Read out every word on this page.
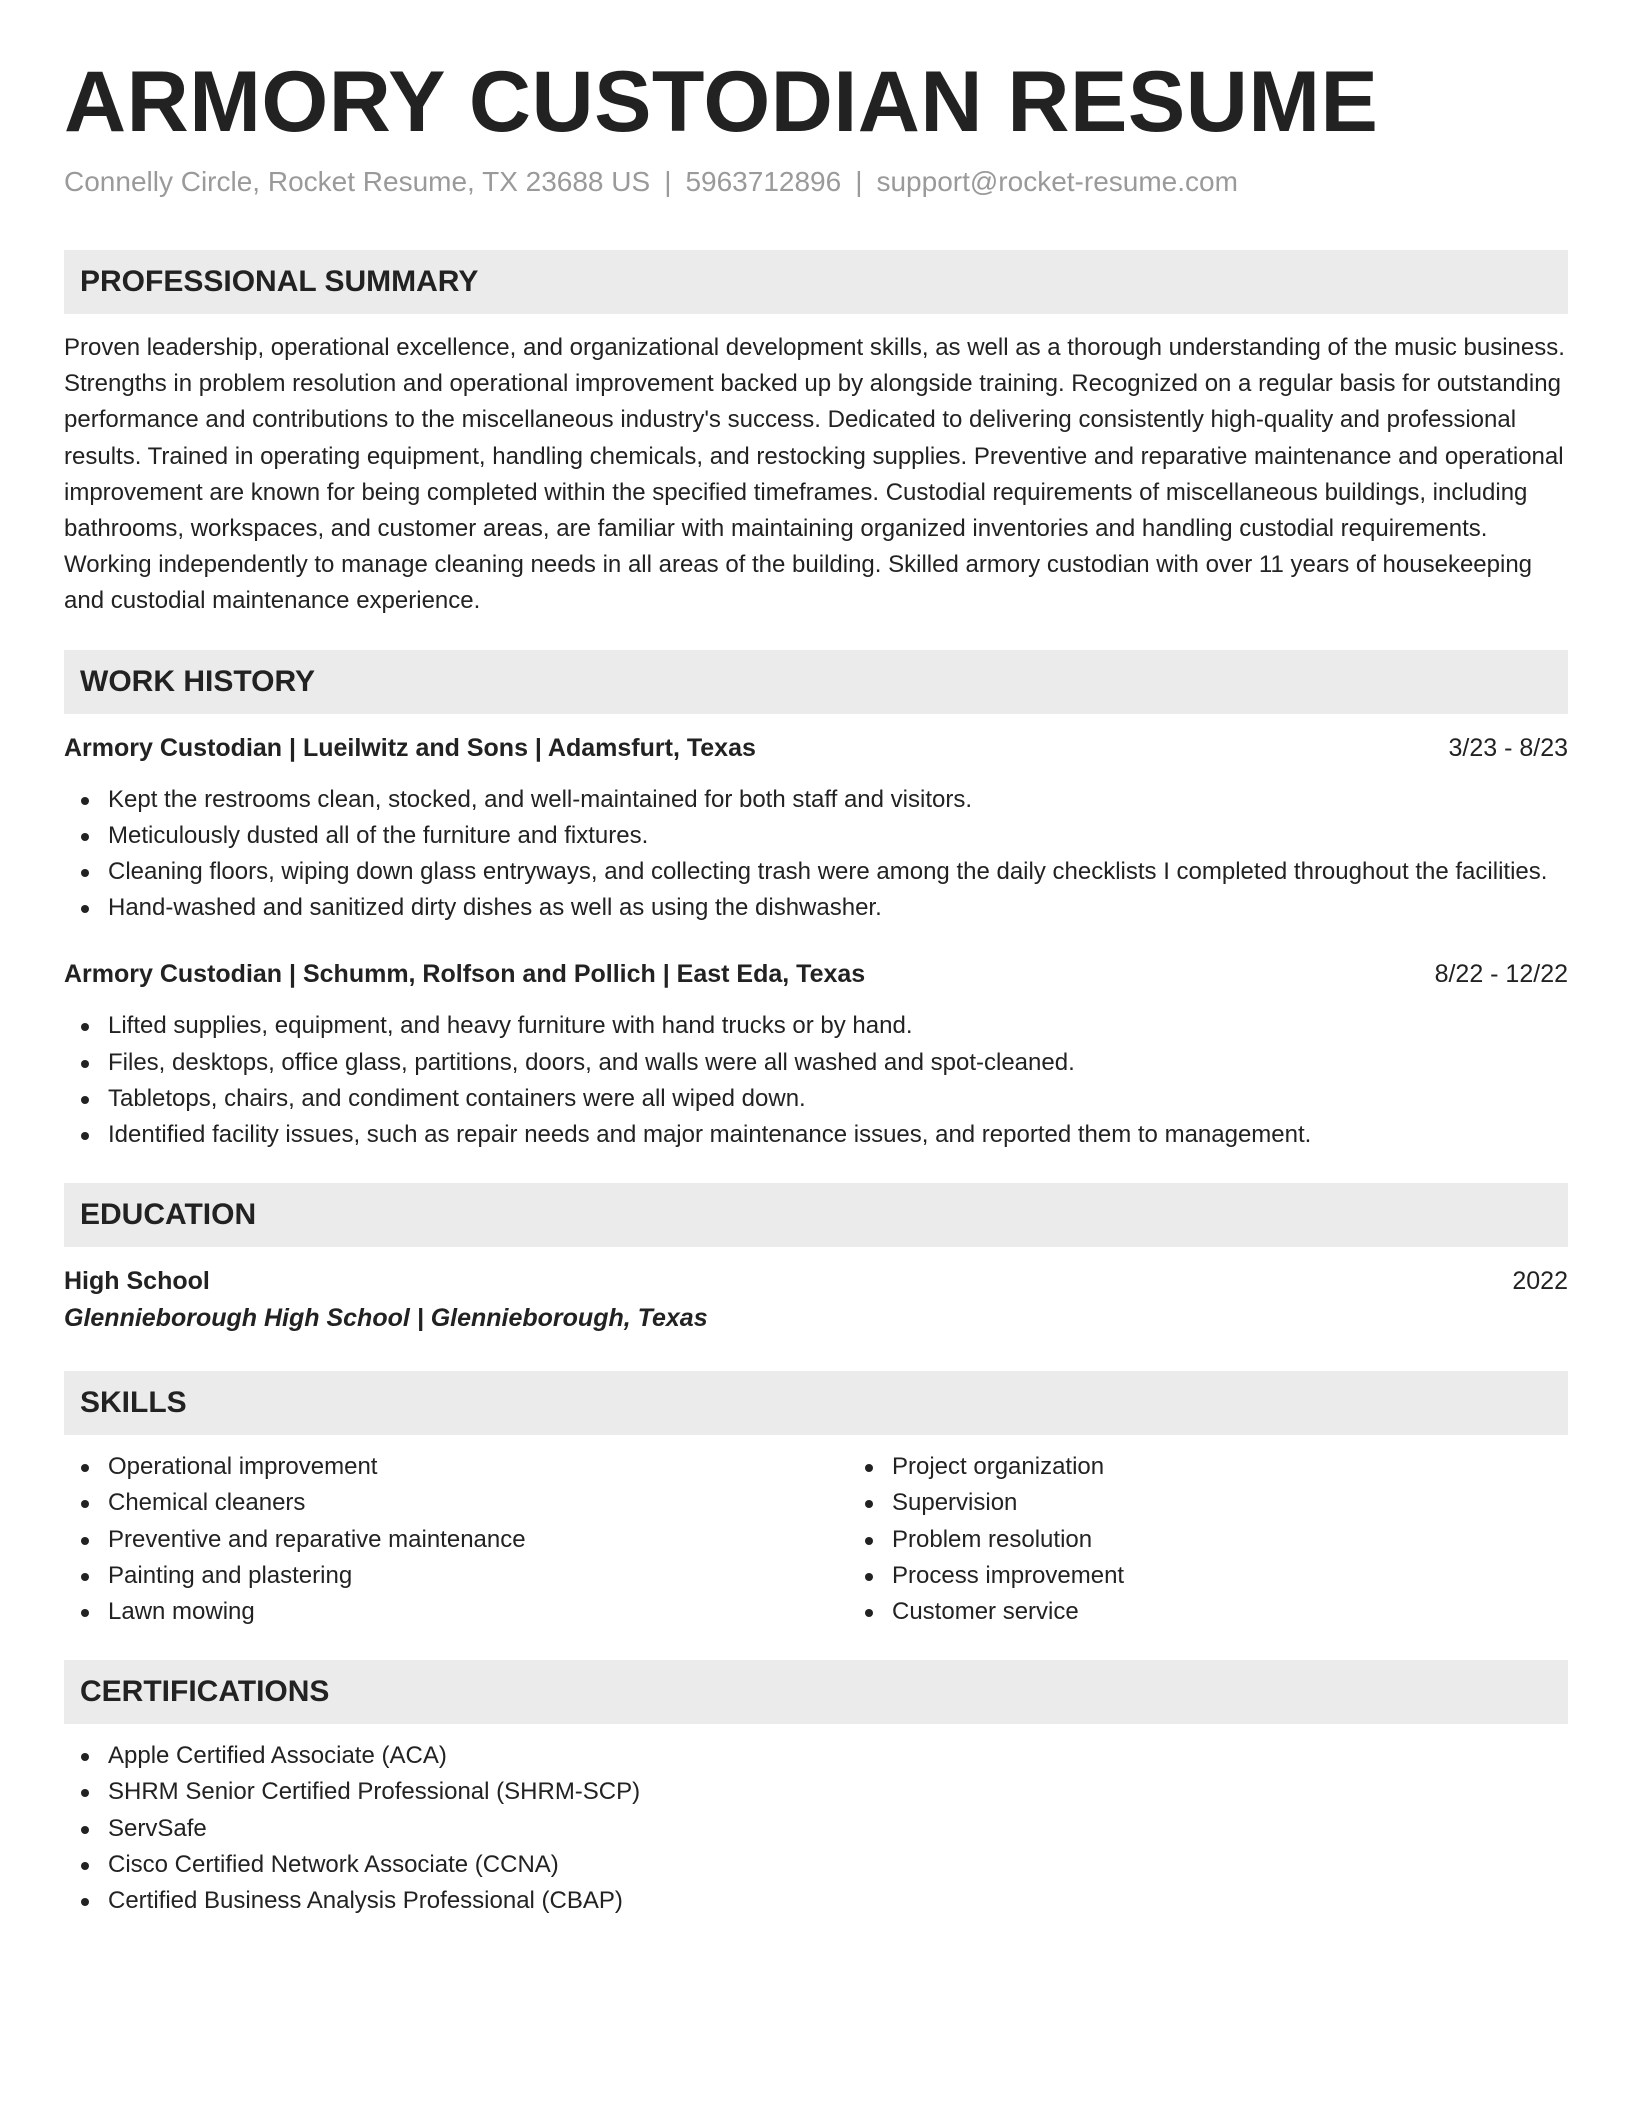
ARMORY CUSTODIAN RESUME
Connelly Circle, Rocket Resume, TX 23688 US | 5963712896 | support@rocket-resume.com
PROFESSIONAL SUMMARY
Proven leadership, operational excellence, and organizational development skills, as well as a thorough understanding of the music business. Strengths in problem resolution and operational improvement backed up by alongside training. Recognized on a regular basis for outstanding performance and contributions to the miscellaneous industry's success. Dedicated to delivering consistently high-quality and professional results. Trained in operating equipment, handling chemicals, and restocking supplies. Preventive and reparative maintenance and operational improvement are known for being completed within the specified timeframes. Custodial requirements of miscellaneous buildings, including bathrooms, workspaces, and customer areas, are familiar with maintaining organized inventories and handling custodial requirements. Working independently to manage cleaning needs in all areas of the building. Skilled armory custodian with over 11 years of housekeeping and custodial maintenance experience.
WORK HISTORY
Armory Custodian | Lueilwitz and Sons | Adamsfurt, Texas	3/23 - 8/23
Kept the restrooms clean, stocked, and well-maintained for both staff and visitors.
Meticulously dusted all of the furniture and fixtures.
Cleaning floors, wiping down glass entryways, and collecting trash were among the daily checklists I completed throughout the facilities.
Hand-washed and sanitized dirty dishes as well as using the dishwasher.
Armory Custodian | Schumm, Rolfson and Pollich | East Eda, Texas	8/22 - 12/22
Lifted supplies, equipment, and heavy furniture with hand trucks or by hand.
Files, desktops, office glass, partitions, doors, and walls were all washed and spot-cleaned.
Tabletops, chairs, and condiment containers were all wiped down.
Identified facility issues, such as repair needs and major maintenance issues, and reported them to management.
EDUCATION
High School	2022
Glennieborough High School | Glennieborough, Texas
SKILLS
Operational improvement
Chemical cleaners
Preventive and reparative maintenance
Painting and plastering
Lawn mowing
Project organization
Supervision
Problem resolution
Process improvement
Customer service
CERTIFICATIONS
Apple Certified Associate (ACA)
SHRM Senior Certified Professional (SHRM-SCP)
ServSafe
Cisco Certified Network Associate (CCNA)
Certified Business Analysis Professional (CBAP)
